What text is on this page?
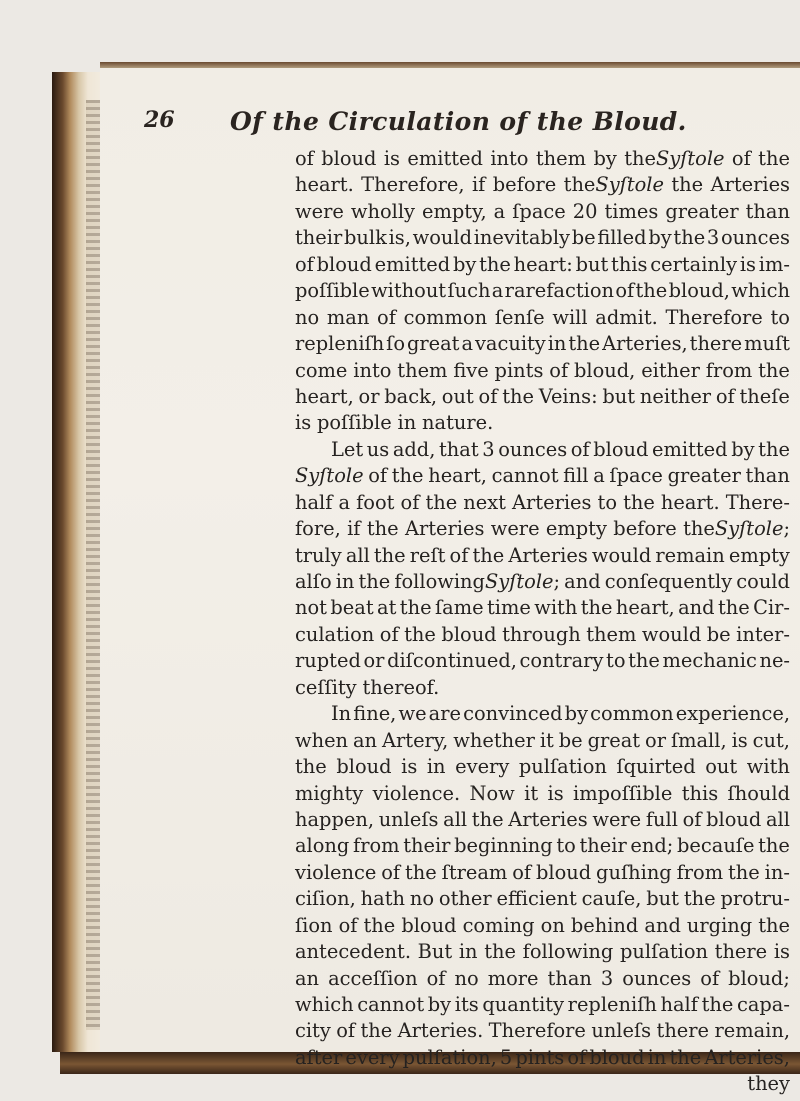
26 Of the Circulation of the Bloud.
of bloud is emitted into them by theSyſtole of the
heart. Therefore, if before theSyſtole the Arteries
were wholly empty, a ſpace 20 times greater than
their bulk is, would inevitably be filled by the 3 ounces
of bloud emitted by the heart: but this certainly is im-
poſſible without ſuch a rarefaction of the bloud, which
no man of common ſenſe will admit. Therefore to
repleniſh ſo great a vacuity in the Arteries, there muſt
come into them five pints of bloud, either from the
heart, or back, out of the Veins: but neither of theſe
is poſſible in nature.
Let us add, that 3 ounces of bloud emitted by the
Syſtole of the heart, cannot fill a ſpace greater than
half a foot of the next Arteries to the heart. There-
fore, if the Arteries were empty before theSyſtole;
truly all the reſt of the Arteries would remain empty
alſo in the followingSyſtole; and conſequently could
not beat at the ſame time with the heart, and the Cir-
culation of the bloud through them would be inter-
rupted or diſcontinued, contrary to the mechanic ne-
ceſſity thereof.
In fine, we are convinced by common experience,
when an Artery, whether it be great or ſmall, is cut,
the bloud is in every pulſation ſquirted out with
mighty violence. Now it is impoſſible this ſhould
happen, unleſs all the Arteries were full of bloud all
along from their beginning to their end; becauſe the
violence of the ſtream of bloud guſhing from the in-
ciſion, hath no other efficient cauſe, but the protru-
ſion of the bloud coming on behind and urging the
antecedent. But in the following pulſation there is
an acceſſion of no more than 3 ounces of bloud;
which cannot by its quantity repleniſh half the capa-
city of the Arteries. Therefore unleſs there remain,
after every pulſation, 5 pints of bloud in the Arteries,
they
